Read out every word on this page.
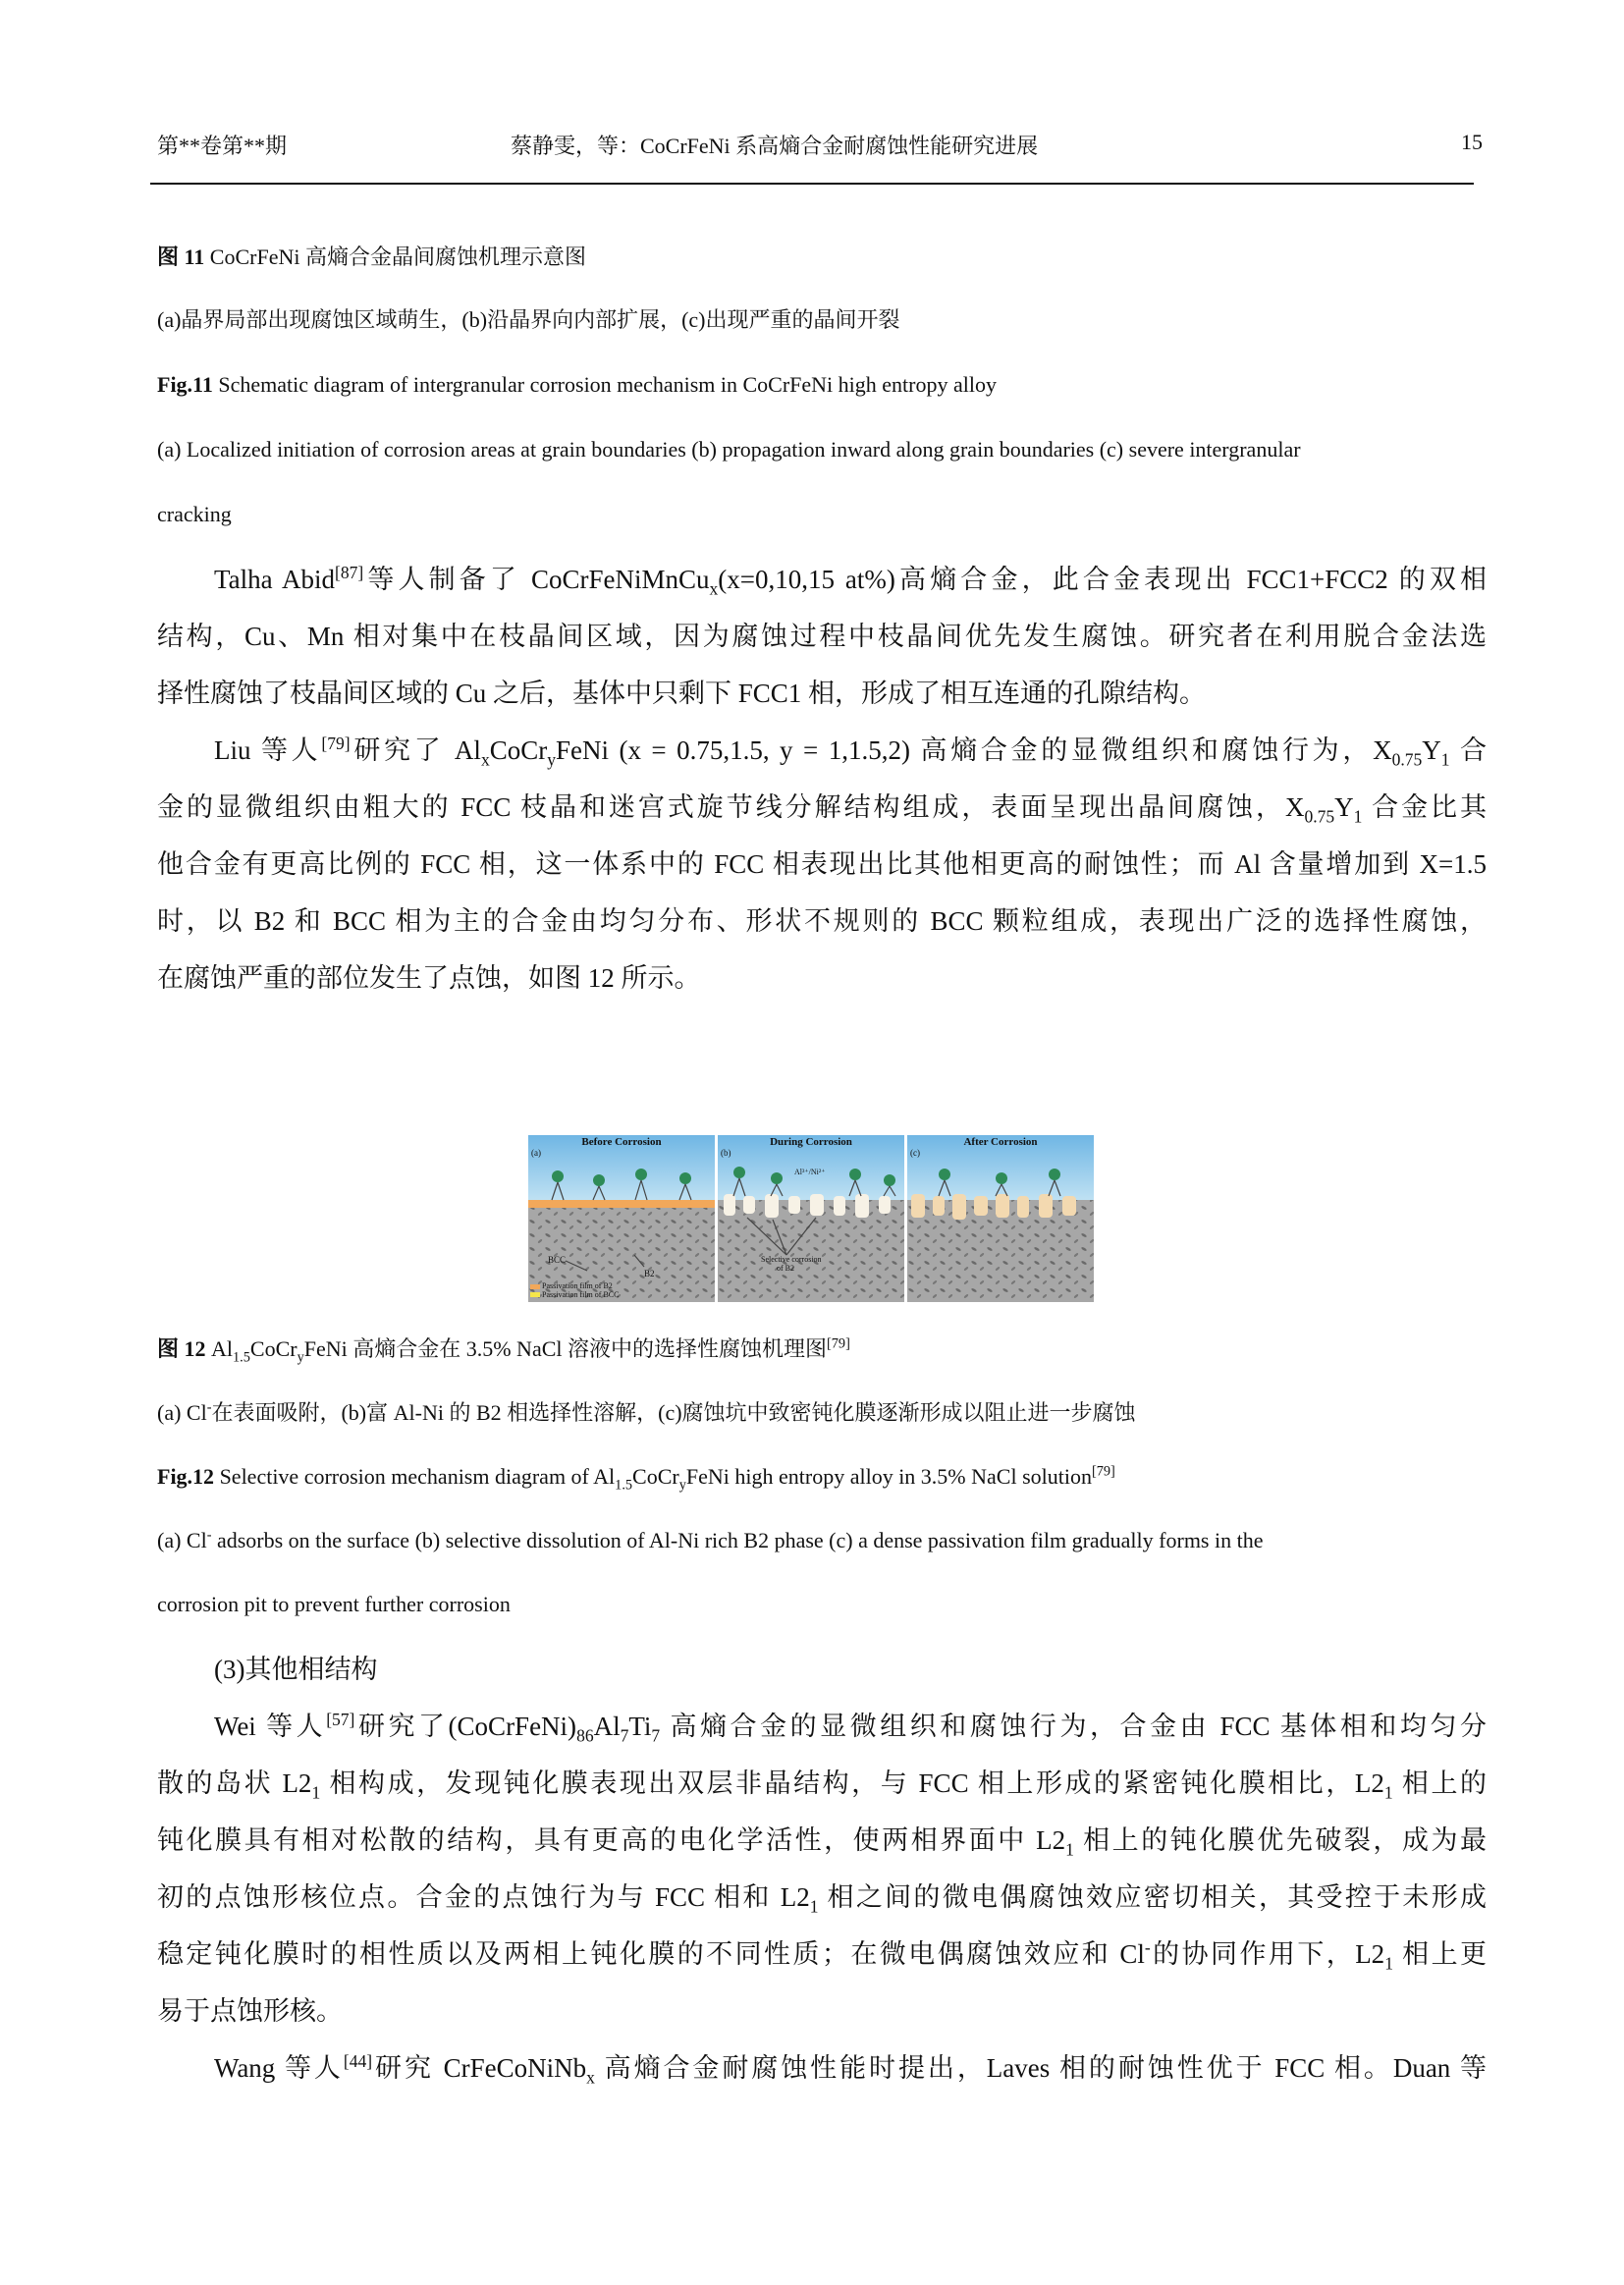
第**卷第**期	蔡静雯，等：CoCrFeNi 系高熵合金耐腐蚀性能研究进展	15
图 11 CoCrFeNi 高熵合金晶间腐蚀机理示意图
(a)晶界局部出现腐蚀区域萌生，(b)沿晶界向内部扩展，(c)出现严重的晶间开裂
Fig.11 Schematic diagram of intergranular corrosion mechanism in CoCrFeNi high entropy alloy
(a) Localized initiation of corrosion areas at grain boundaries (b) propagation inward along grain boundaries (c) severe intergranular
cracking

Talha Abid[87]等人制备了 CoCrFeNiMnCu$_x$(x=0,10,15 at%)高熵合金，此合金表现出 FCC1+FCC2 的双相

结构，Cu、Mn 相对集中在枝晶间区域，因为腐蚀过程中枝晶间优先发生腐蚀。研究者在利用脱合金法选

择性腐蚀了枝晶间区域的 Cu 之后，基体中只剩下 FCC1 相，形成了相互连通的孔隙结构。

Liu 等人[79]研究了 $Al_xCoCr_yFeNi$ (x = 0.75,1.5, y = 1,1.5,2) 高熵合金的显微组织和腐蚀行为，$X_{0.75}Y_1$ 合

金的显微组织由粗大的 FCC 枝晶和迷宫式旋节线分解结构组成，表面呈现出晶间腐蚀，$X_{0.75}Y_1$ 合金比其

他合金有更高比例的 FCC 相，这一体系中的 FCC 相表现出比其他相更高的耐蚀性；而 Al 含量增加到 X=1.5

时，以 B2 和 BCC 相为主的合金由均匀分布、形状不规则的 BCC 颗粒组成，表现出广泛的选择性腐蚀，

在腐蚀严重的部位发生了点蚀，如图 12 所示。

Before Corrosion
(a)
BCC
B2
Passivation film of B2
Passivation film of BCC
During Corrosion
(b)
Al³⁺/Ni²⁺
Selective corrosion
of B2
After Corrosion
(c)
图 12 $Al_{1.5}CoCr_yFeNi$ 高熵合金在 3.5% NaCl 溶液中的选择性腐蚀机理图[79]
(a) Cl-在表面吸附，(b)富 Al-Ni 的 B2 相选择性溶解，(c)腐蚀坑中致密钝化膜逐渐形成以阻止进一步腐蚀
Fig.12 Selective corrosion mechanism diagram of $Al_{1.5}CoCr_yFeNi$ high entropy alloy in 3.5% NaCl solution[79]
(a) Cl- adsorbs on the surface (b) selective dissolution of Al-Ni rich B2 phase (c) a dense passivation film gradually forms in the
corrosion pit to prevent further corrosion

(3)其他相结构

Wei 等人[57]研究了$(CoCrFeNi)_{86}Al_7Ti_7$ 高熵合金的显微组织和腐蚀行为，合金由 FCC 基体相和均匀分

散的岛状 $L2_1$ 相构成，发现钝化膜表现出双层非晶结构，与 FCC 相上形成的紧密钝化膜相比，$L2_1$ 相上的

钝化膜具有相对松散的结构，具有更高的电化学活性，使两相界面中 $L2_1$ 相上的钝化膜优先破裂，成为最

初的点蚀形核位点。合金的点蚀行为与 FCC 相和 $L2_1$ 相之间的微电偶腐蚀效应密切相关，其受控于未形成

稳定钝化膜时的相性质以及两相上钝化膜的不同性质；在微电偶腐蚀效应和 Cl-的协同作用下，$L2_1$ 相上更

易于点蚀形核。

Wang 等人[44]研究 CrFeCoNiNb$_x$ 高熵合金耐腐蚀性能时提出，Laves 相的耐蚀性优于 FCC 相。Duan 等
